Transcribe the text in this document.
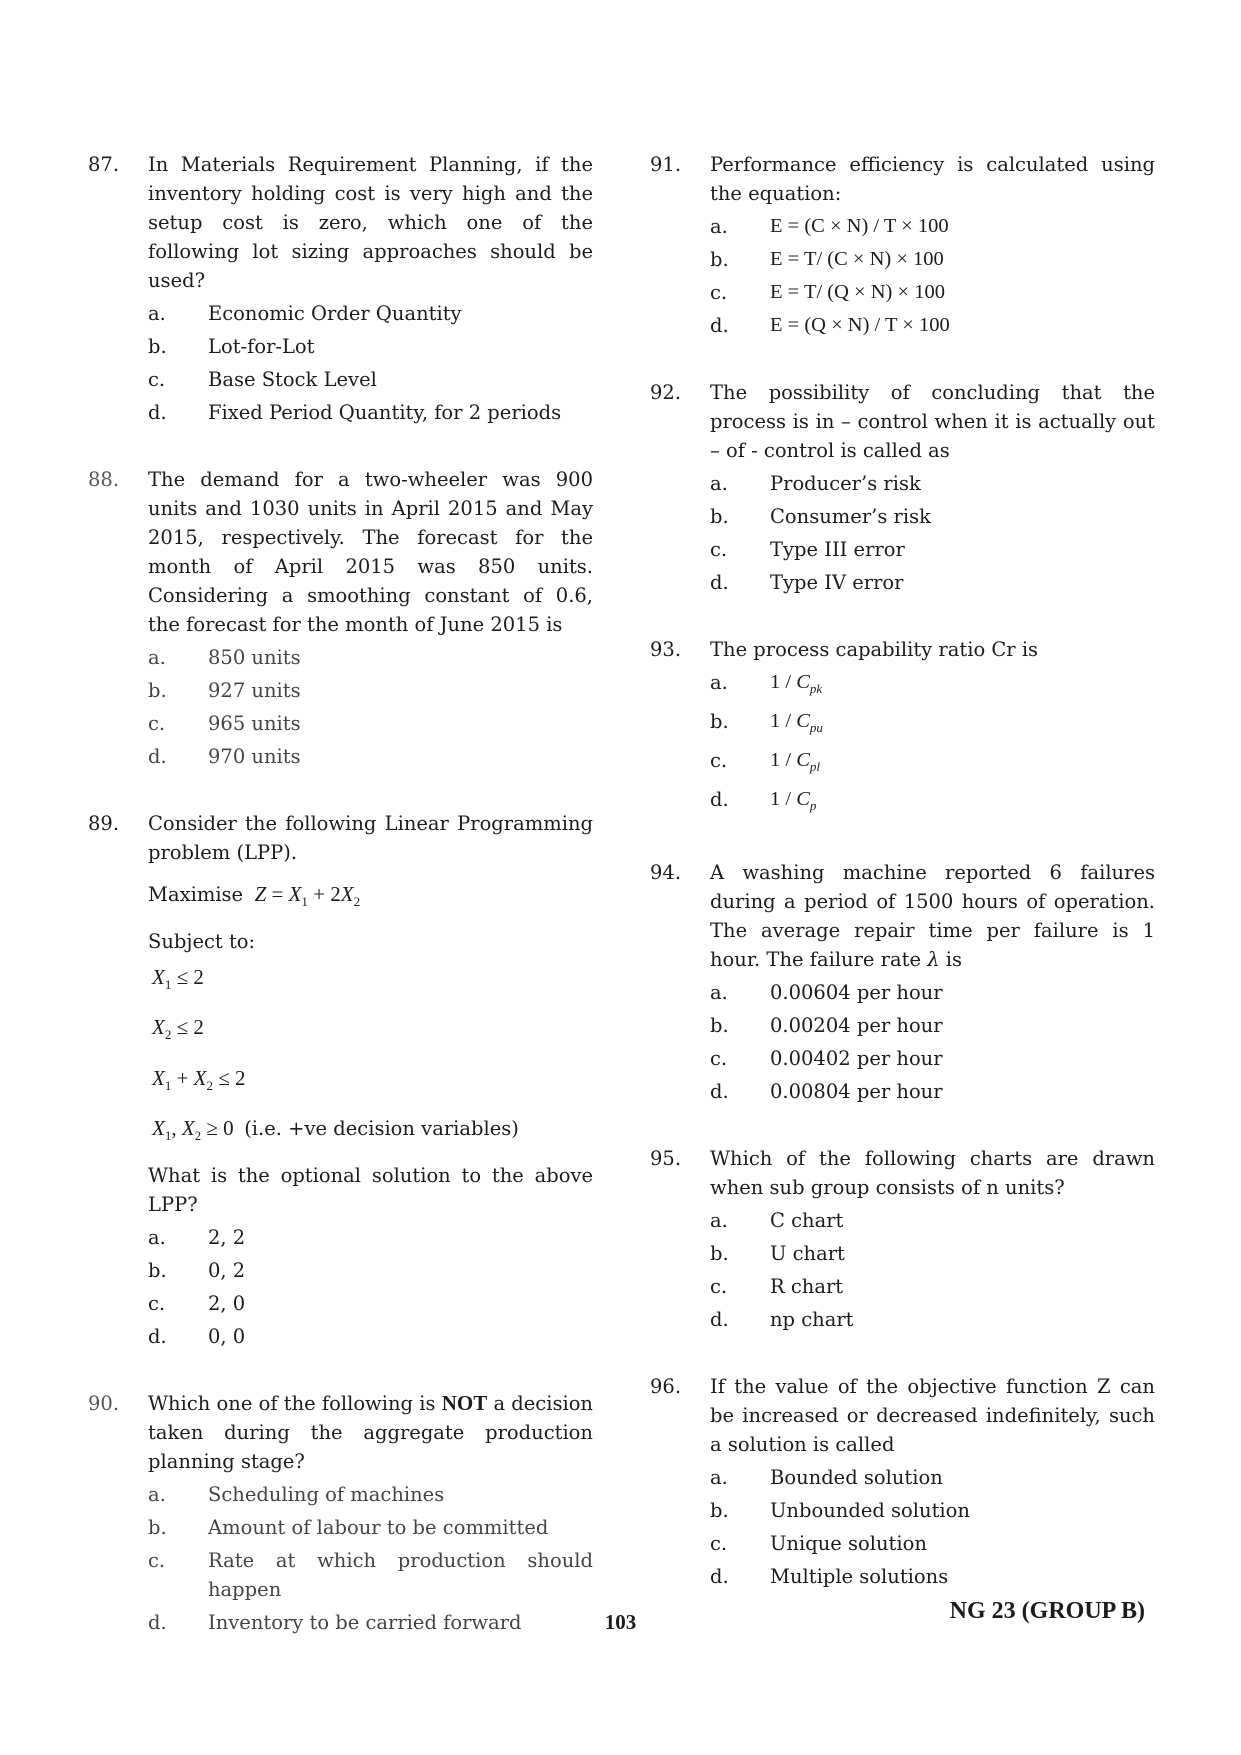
87. In Materials Requirement Planning, if the inventory holding cost is very high and the setup cost is zero, which one of the following lot sizing approaches should be used?
a. Economic Order Quantity
b. Lot-for-Lot
c. Base Stock Level
d. Fixed Period Quantity, for 2 periods
88. The demand for a two-wheeler was 900 units and 1030 units in April 2015 and May 2015, respectively. The forecast for the month of April 2015 was 850 units. Considering a smoothing constant of 0.6, the forecast for the month of June 2015 is
a. 850 units
b. 927 units
c. 965 units
d. 970 units
89. Consider the following Linear Programming problem (LPP).
Maximise $Z = X_1 + 2X_2$
Subject to:
$X_1 \le 2$
$X_2 \le 2$
$X_1 + X_2 \le 2$
$X_1$, $X_2 \ge 0$  (i.e. +ve decision variables)
What is the optional solution to the above LPP?
a. 2, 2
b. 0, 2
c. 2, 0
d. 0, 0
90. Which one of the following is NOT a decision taken during the aggregate production planning stage?
a. Scheduling of machines
b. Amount of labour to be committed
c. Rate at which production should happen
d. Inventory to be carried forward
91. Performance efficiency is calculated using the equation:
a. E = (C × N) / T × 100
b. E = T/ (C × N) × 100
c. E = T/ (Q × N) × 100
d. E = (Q × N) / T × 100
92. The possibility of concluding that the process is in – control when it is actually out – of - control is called as
a. Producer’s risk
b. Consumer’s risk
c. Type III error
d. Type IV error
93. The process capability ratio Cr is
a. $1 / C_{pk}$
b. $1 / C_{pu}$
c. $1 / C_{pl}$
d. $1 / C_p$
94. A washing machine reported 6 failures during a period of 1500 hours of operation. The average repair time per failure is 1 hour. The failure rate λ is
a. 0.00604 per hour
b. 0.00204 per hour
c. 0.00402 per hour
d. 0.00804 per hour
95. Which of the following charts are drawn when sub group consists of n units?
a. C chart
b. U chart
c. R chart
d. np chart
96. If the value of the objective function Z can be increased or decreased indefinitely, such a solution is called
a. Bounded solution
b. Unbounded solution
c. Unique solution
d. Multiple solutions
NG 23 (GROUP B)
103
